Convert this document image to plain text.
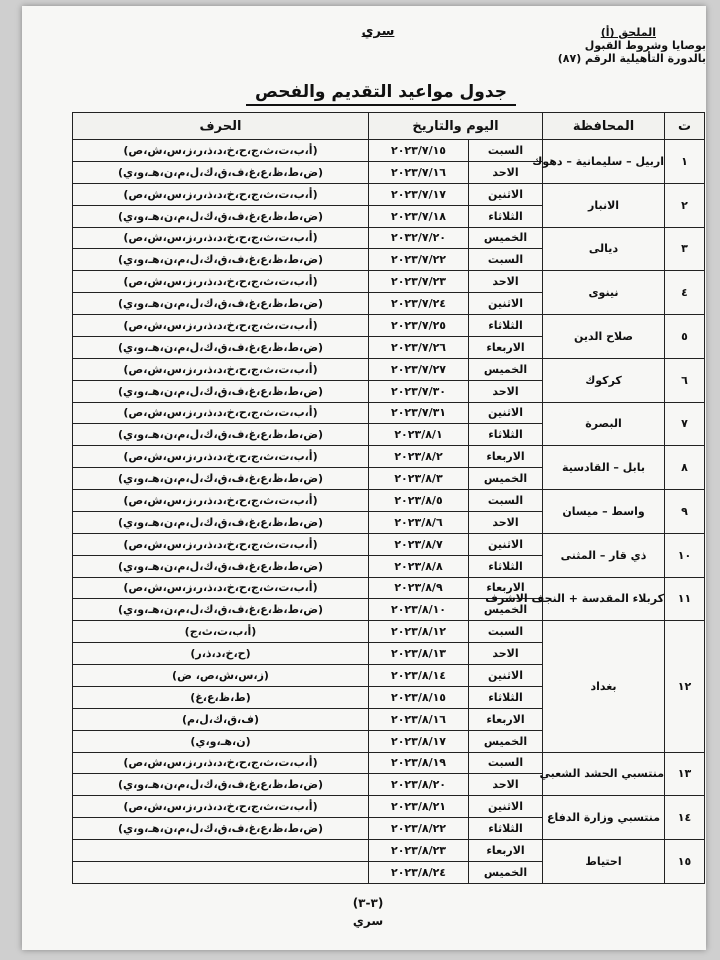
سري	الملحق (أ)
بوصايا وشروط القبول
بالدورة التأهيلية الرقم (٨٧)
جدول مواعيد التقديم والفحص
ت	المحافظة	اليوم والتاريخ		الحرف
١	اربيل – سليمانية – دهوك	السبت	٢٠٢٣/٧/١٥	(أ،ب،ت،ث،ج،ح،خ،د،ذ،ر،ز،س،ش،ص)
		الاحد	٢٠٢٣/٧/١٦	(ض،ط،ظ،ع،غ،ف،ق،ك،ل،م،ن،هـ،و،ي)
٢	الانبار	الاثنين	٢٠٢٣/٧/١٧	(أ،ب،ت،ث،ج،ح،خ،د،ذ،ر،ز،س،ش،ص)
		الثلاثاء	٢٠٢٣/٧/١٨	(ض،ط،ظ،ع،غ،ف،ق،ك،ل،م،ن،هـ،و،ي)
٣	ديالى	الخميس	٢٠٣٢/٧/٢٠	(أ،ب،ت،ث،ج،ح،خ،د،ذ،ر،ز،س،ش،ص)
		السبت	٢٠٢٣/٧/٢٢	(ض،ط،ظ،ع،غ،ف،ق،ك،ل،م،ن،هـ،و،ي)
٤	نينوى	الاحد	٢٠٢٣/٧/٢٣	(أ،ب،ت،ث،ج،ح،خ،د،ذ،ر،ز،س،ش،ص)
		الاثنين	٢٠٢٣/٧/٢٤	(ض،ط،ظ،ع،غ،ف،ق،ك،ل،م،ن،هـ،و،ي)
٥	صلاح الدين	الثلاثاء	٢٠٢٣/٧/٢٥	(أ،ب،ت،ث،ج،ح،خ،د،ذ،ر،ز،س،ش،ص)
		الاربعاء	٢٠٢٣/٧/٢٦	(ض،ط،ظ،ع،غ،ف،ق،ك،ل،م،ن،هـ،و،ي)
٦	كركوك	الخميس	٢٠٢٣/٧/٢٧	(أ،ب،ت،ث،ج،ح،خ،د،ذ،ر،ز،س،ش،ص)
		الاحد	٢٠٢٣/٧/٣٠	(ض،ط،ظ،ع،غ،ف،ق،ك،ل،م،ن،هـ،و،ي)
٧	البصرة	الاثنين	٢٠٢٣/٧/٣١	(أ،ب،ت،ث،ج،ح،خ،د،ذ،ر،ز،س،ش،ص)
		الثلاثاء	٢٠٢٣/٨/١	(ض،ط،ظ،ع،غ،ف،ق،ك،ل،م،ن،هـ،و،ي)
٨	بابل – القادسية	الاربعاء	٢٠٢٣/٨/٢	(أ،ب،ت،ث،ج،ح،خ،د،ذ،ر،ز،س،ش،ص)
		الخميس	٢٠٢٣/٨/٣	(ض،ط،ظ،ع،غ،ف،ق،ك،ل،م،ن،هـ،و،ي)
٩	واسط – ميسان	السبت	٢٠٢٣/٨/٥	(أ،ب،ت،ث،ج،ح،خ،د،ذ،ر،ز،س،ش،ص)
		الاحد	٢٠٢٣/٨/٦	(ض،ط،ظ،ع،غ،ف،ق،ك،ل،م،ن،هـ،و،ي)
١٠	ذي قار – المثنى	الاثنين	٢٠٢٣/٨/٧	(أ،ب،ت،ث،ج،ح،خ،د،ذ،ر،ز،س،ش،ص)
		الثلاثاء	٢٠٢٣/٨/٨	(ض،ط،ظ،ع،غ،ف،ق،ك،ل،م،ن،هـ،و،ي)
١١	كربلاء المقدسة + النجف الاشرف	الاربعاء	٢٠٢٣/٨/٩	(أ،ب،ت،ث،ج،ح،خ،د،ذ،ر،ز،س،ش،ص)
		الخميس	٢٠٢٣/٨/١٠	(ض،ط،ظ،ع،غ،ف،ق،ك،ل،م،ن،هـ،و،ي)
١٢	بغداد	السبت	٢٠٢٣/٨/١٢	(أ،ب،ت،ث،ج)
		الاحد	٢٠٢٣/٨/١٣	(ح،خ،د،ذ،ر)
		الاثنين	٢٠٢٣/٨/١٤	(ز،س،ش،ص، ض)
		الثلاثاء	٢٠٢٣/٨/١٥	(ط،ظ،ع،غ)
		الاربعاء	٢٠٢٣/٨/١٦	(ف،ق،ك،ل،م)
		الخميس	٢٠٢٣/٨/١٧	(ن،هـ،و،ي)
١٣	منتسبي الحشد الشعبي	السبت	٢٠٢٣/٨/١٩	(أ،ب،ت،ث،ج،ح،خ،د،ذ،ر،ز،س،ش،ص)
		الاحد	٢٠٢٣/٨/٢٠	(ض،ط،ظ،ع،غ،ف،ق،ك،ل،م،ن،هـ،و،ي)
١٤	منتسبي وزارة الدفاع	الاثنين	٢٠٢٣/٨/٢١	(أ،ب،ت،ث،ج،ح،خ،د،ذ،ر،ز،س،ش،ص)
		الثلاثاء	٢٠٢٣/٨/٢٢	(ض،ط،ظ،ع،غ،ف،ق،ك،ل،م،ن،هـ،و،ي)
١٥	احتياط	الاربعاء	٢٠٢٣/٨/٢٣	
		الخميس	٢٠٢٣/٨/٢٤	
(٣-٣)
سري
